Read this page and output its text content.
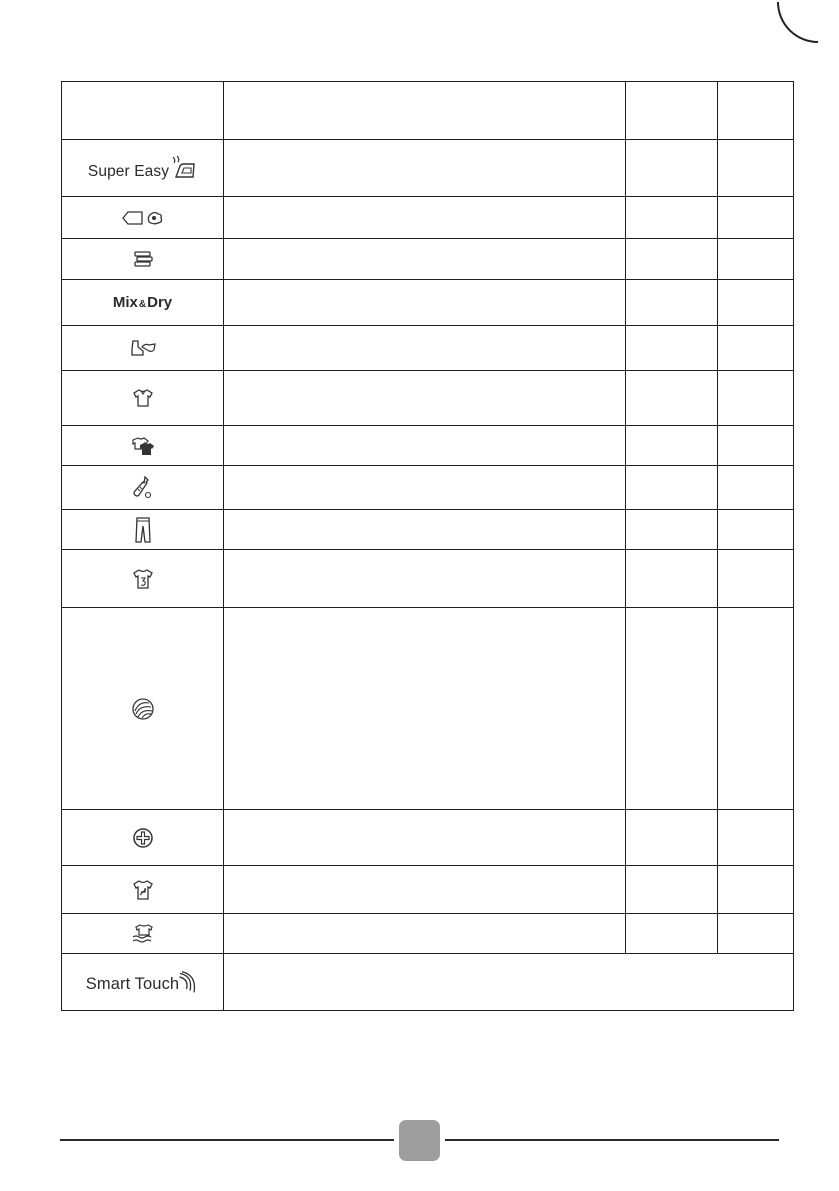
Super Easy			

Mix&Dry			

Smart Touch			
